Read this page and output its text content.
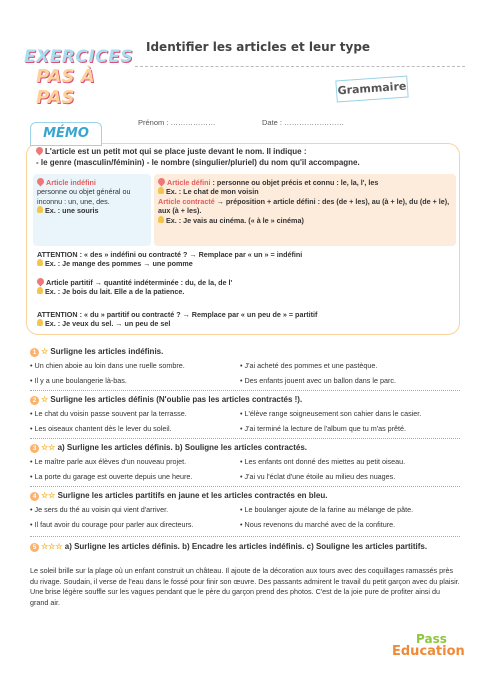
EXERCICES
PAS À PAS
Identifier les articles et leur type
Grammaire
Prénom : ………………	Date : ……………………
MÉMO
L'article est un petit mot qui se place juste devant le nom. Il indique :
- le genre (masculin/féminin) - le nombre (singulier/pluriel) du nom qu'il accompagne.
Article indéfini
personne ou objet général ou inconnu : un, une, des.
Ex. : une souris
Article défini : personne ou objet précis et connu : le, la, l', les
Ex. : Le chat de mon voisin
Article contracté → préposition + article défini : des (de + les), au (à + le), du (de + le), aux (à + les).
Ex. : Je vais au cinéma. (« à le » cinéma)
ATTENTION : « des » indéfini ou contracté ? → Remplace par « un » = indéfini
Ex. : Je mange des pommes → une pomme
Article partitif → quantité indéterminée : du, de la, de l'
Ex. : Je bois du lait. Elle a de la patience.
ATTENTION : « du » partitif ou contracté ? → Remplace par « un peu de » = partitif
Ex. : Je veux du sel. → un peu de sel
1 ☆ Surligne les articles indéfinis.
• Un chien aboie au loin dans une ruelle sombre.
• Il y a une boulangerie là-bas.
• J'ai acheté des pommes et une pastèque.
• Des enfants jouent avec un ballon dans le parc.
2 ☆ Surligne les articles définis (N'oublie pas les articles contractés !).
• Le chat du voisin passe souvent par la terrasse.
• Les oiseaux chantent dès le lever du soleil.
• L'élève range soigneusement son cahier dans le casier.
• J'ai terminé la lecture de l'album que tu m'as prêté.
3 ☆☆ a) Surligne les articles définis. b) Souligne les articles contractés.
• Le maître parle aux élèves d'un nouveau projet.
• La porte du garage est ouverte depuis une heure.
• Les enfants ont donné des miettes au petit oiseau.
• J'ai vu l'éclat d'une étoile au milieu des nuages.
4 ☆☆ Surligne les articles partitifs en jaune et les articles contractés en bleu.
• Je sers du thé au voisin qui vient d'arriver.
• Il faut avoir du courage pour parler aux directeurs.
• Le boulanger ajoute de la farine au mélange de pâte.
• Nous revenons du marché avec de la confiture.
5 ☆☆☆ a) Surligne les articles définis. b) Encadre les articles indéfinis. c) Souligne les articles partitifs.
Le soleil brille sur la plage où un enfant construit un château. Il ajoute de la décoration aux tours avec des coquillages ramassés près du rivage. Soudain, il verse de l'eau dans le fossé pour finir son œuvre. Des passants admirent le travail du petit garçon avec du plaisir. Une brise légère souffle sur les vagues pendant que le père du garçon prend des photos. C'est de la joie pure de profiter ainsi du grand air.
Pass
Education
